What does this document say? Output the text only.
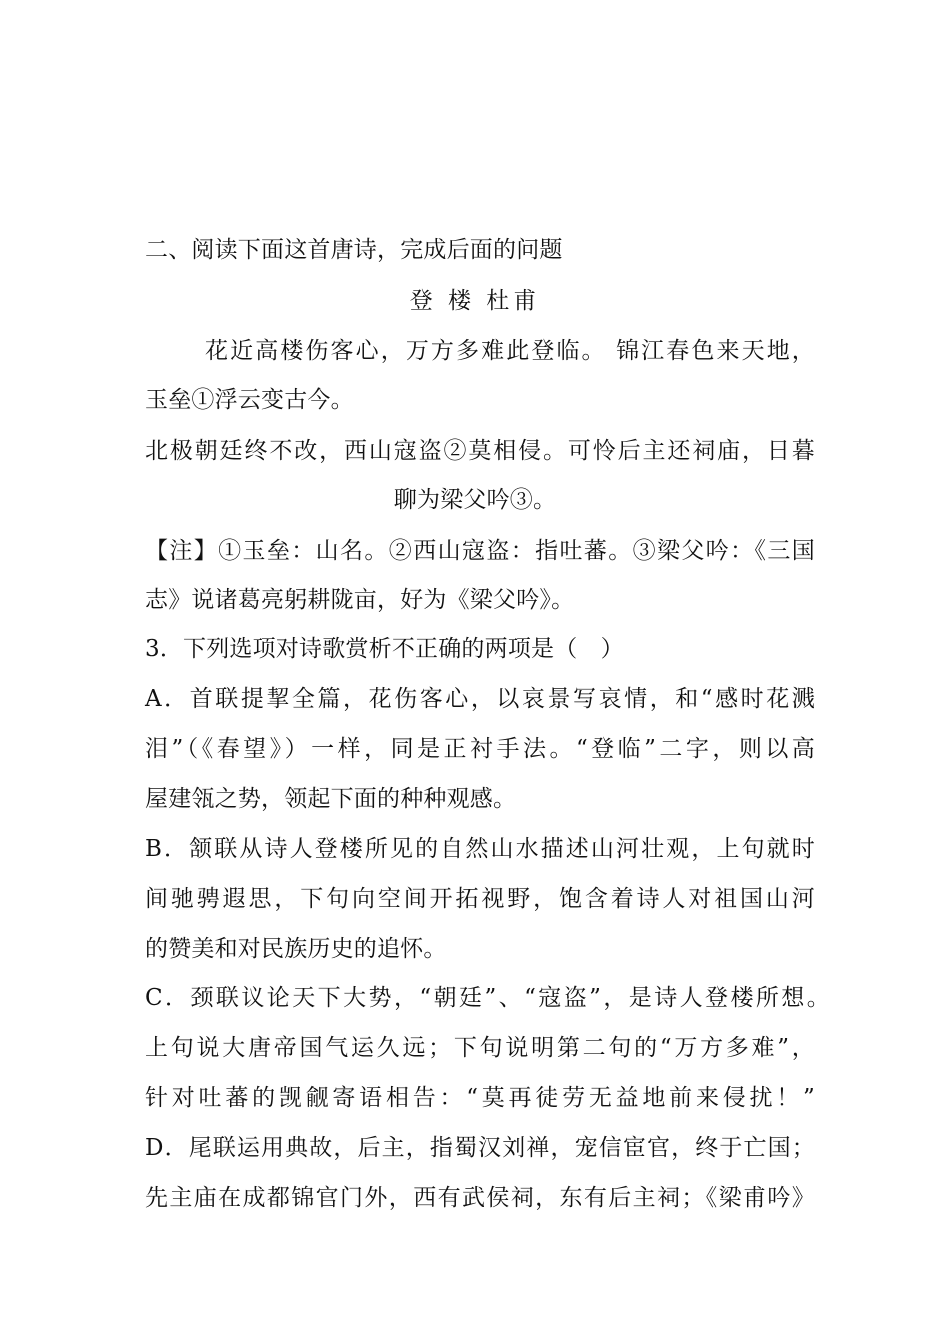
二、阅读下面这首唐诗，完成后面的问题
登 楼 杜甫
花近高楼伤客心，万方多难此登临。 锦江春色来天地，
玉垒①浮云变古今。
北极朝廷终不改，西山寇盗②莫相侵。可怜后主还祠庙，日暮
聊为梁父吟③。
【注】①玉垒：山名。②西山寇盗：指吐蕃。③梁父吟：《三国
志》说诸葛亮躬耕陇亩，好为《梁父吟》。
3．下列选项对诗歌赏析不正确的两项是（　）
A．首联提挈全篇，花伤客心，以哀景写哀情，和“感时花溅
泪”（《春望》）一样，同是正衬手法。“登临”二字，则以高
屋建瓴之势，领起下面的种种观感。
B．颔联从诗人登楼所见的自然山水描述山河壮观，上句就时
间驰骋遐思，下句向空间开拓视野，饱含着诗人对祖国山河
的赞美和对民族历史的追怀。
C．颈联议论天下大势，“朝廷”、“寇盗”，是诗人登楼所想。
上句说大唐帝国气运久远；下句说明第二句的“万方多难”，
针对吐蕃的觊觎寄语相告：“莫再徒劳无益地前来侵扰！”
D．尾联运用典故，后主，指蜀汉刘禅，宠信宦官，终于亡国；
先主庙在成都锦官门外，西有武侯祠，东有后主祠；《梁甫吟》
